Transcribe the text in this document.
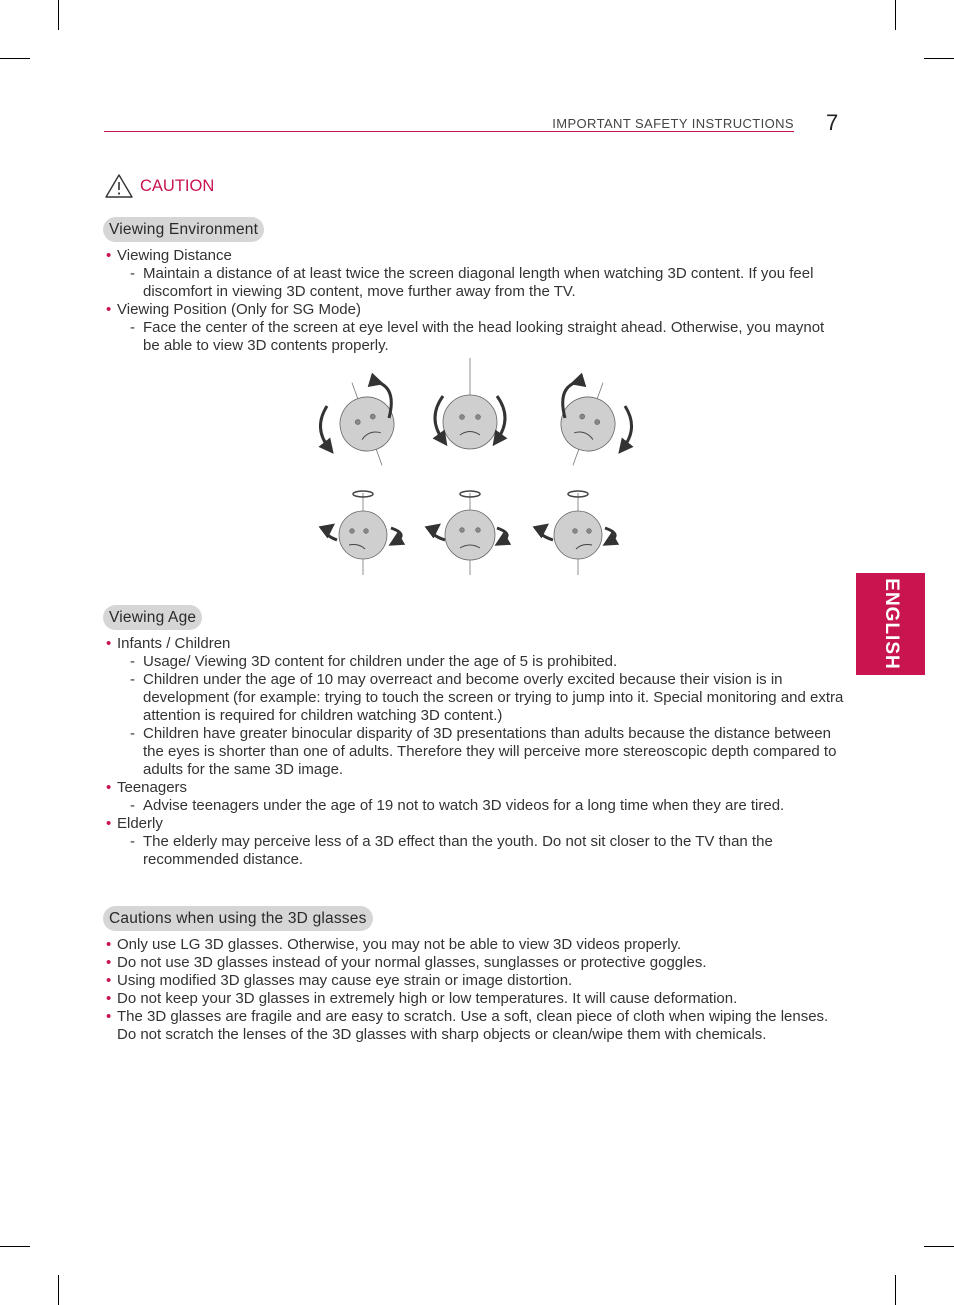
IMPORTANT SAFETY INSTRUCTIONS 7
CAUTION
Viewing Environment
• Viewing Distance
- Maintain a distance of at least twice the screen diagonal length when watching 3D content. If you feel discomfort in viewing 3D content, move further away from the TV.
• Viewing Position (Only for SG Mode)
- Face the center of the screen at eye level with the head looking straight ahead. Otherwise, you maynot be able to view 3D contents properly.
Viewing Age
• Infants / Children
- Usage/ Viewing 3D content for children under the age of 5 is prohibited.
- Children under the age of 10 may overreact and become overly excited because their vision is in development (for example: trying to touch the screen or trying to jump into it. Special monitoring and extra attention is required for children watching 3D content.)
- Children have greater binocular disparity of 3D presentations than adults because the distance between the eyes is shorter than one of adults. Therefore they will perceive more stereoscopic depth compared to adults for the same 3D image.
• Teenagers
- Advise teenagers under the age of 19 not to watch 3D videos for a long time when they are tired.
• Elderly
- The elderly may perceive less of a 3D effect than the youth. Do not sit closer to the TV than the recommended distance.
Cautions when using the 3D glasses
• Only use LG 3D glasses. Otherwise, you may not be able to view 3D videos properly.
• Do not use 3D glasses instead of your normal glasses, sunglasses or protective goggles.
• Using modified 3D glasses may cause eye strain or image distortion.
• Do not keep your 3D glasses in extremely high or low temperatures. It will cause deformation.
• The 3D glasses are fragile and are easy to scratch. Use a soft, clean piece of cloth when wiping the lenses. Do not scratch the lenses of the 3D glasses with sharp objects or clean/wipe them with chemicals.
ENGLISH
